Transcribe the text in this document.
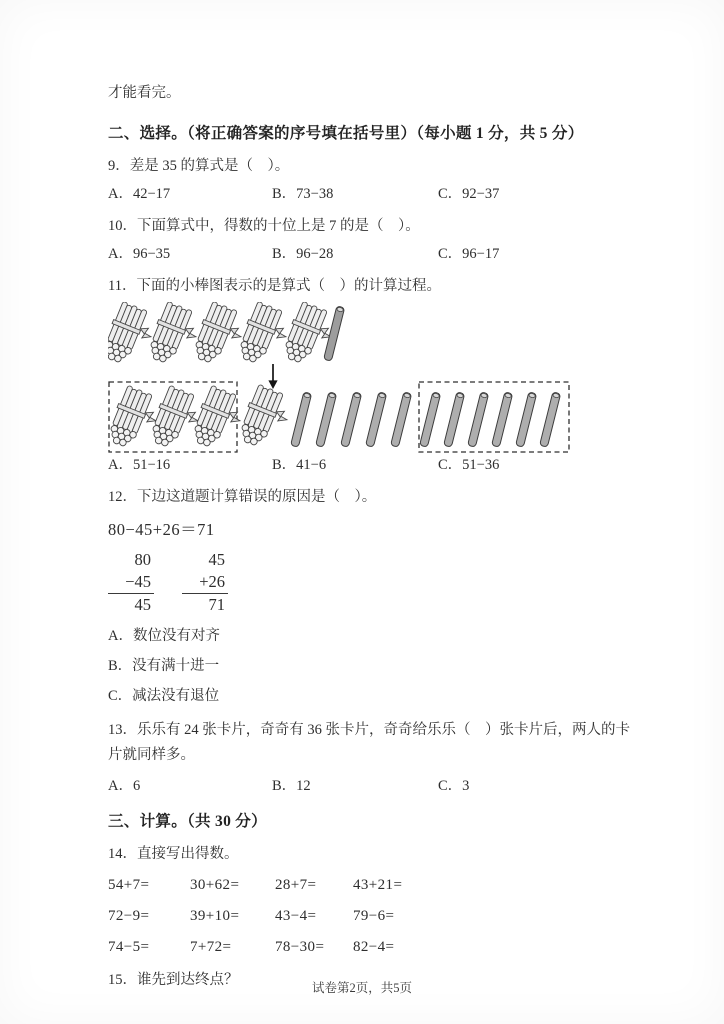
才能看完。

二、选择。（将正确答案的序号填在括号里）（每小题 1 分，共 5 分）

9．差是 35 的算式是（　）。

A．42−17	B．73−38	C．92−37

10．下面算式中，得数的十位上是 7 的是（　）。

A．96−35	B．96−28	C．96−17

11．下面的小棒图表示的是算式（　）的计算过程。

A．51−16	B．41−6	C．51−36

12．下边这道题计算错误的原因是（　）。

80−45+26＝71

80
−45
45
45
+26
71

A．数位没有对齐

B．没有满十进一

C．减法没有退位

13．乐乐有 24 张卡片，奇奇有 36 张卡片，奇奇给乐乐（　）张卡片后，两人的卡片就同样多。

A．6	B．12	C．3
三、计算。（共 30 分）

14．直接写出得数。

54+7=	30+62=	28+7=	43+21=
72−9=	39+10=	43−4=	79−6=
74−5=	7+72=	78−30=	82−4=

15．谁先到达终点？	试卷第2页，共5页
